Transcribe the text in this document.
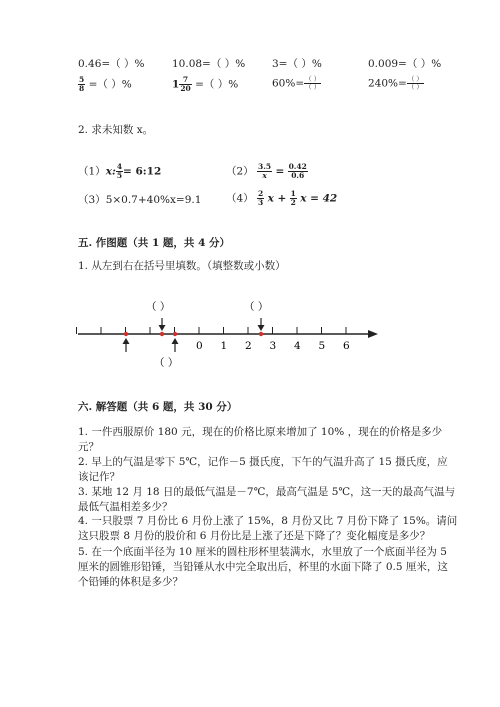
0.46=（ ）%	10.08=（ ）%	3=（ ）%	0.009=（ ）%
$\frac{5}{8}$ =（ ）%	$1 \frac{7}{20}$ =（ ）%	$60\%= \frac{( )}{( )}$	$240\%= \frac{( )}{( )}$
2. 求未知数 x。
（1）x: $\frac{4}{5}$ = 6:12	$(2) \frac{3.5}{x} = \frac{0.42}{0.6}$
（3）5×0.7+40%x=9.1 $(4) \frac{2}{3}$ $x + \frac{1}{2}$ x = 42
五. 作图题（共 1 题，共 4 分）
1. 从左到右在括号里填数。（填整数或小数）
0 1 2 3 4 5 6
（ ）	（ ）
（ ）
六. 解答题（共 6 题，共 30 分）
1. 一件西服原价 180 元，现在的价格比原来增加了 10% ，现在的价格是多少元？
2. 早上的气温是零下 5℃，记作－5 摄氏度，下午的气温升高了 15 摄氏度，应该记作？
3. 某地 12 月 18 日的最低气温是－7℃，最高气温是 5℃，这一天的最高气温与最低气温相差多少？
4. 一只股票 7 月份比 6 月份上涨了 15%，8 月份又比 7 月份下降了 15%。请问这只股票 8 月份的股价和 6 月份比是上涨了还是下降了？变化幅度是多少？
5. 在一个底面半径为 10 厘米的圆柱形杯里装满水，水里放了一个底面半径为 5 厘米的圆锥形铅锤，当铅锤从水中完全取出后，杯里的水面下降了 0.5 厘米，这个铅锤的体积是多少？
